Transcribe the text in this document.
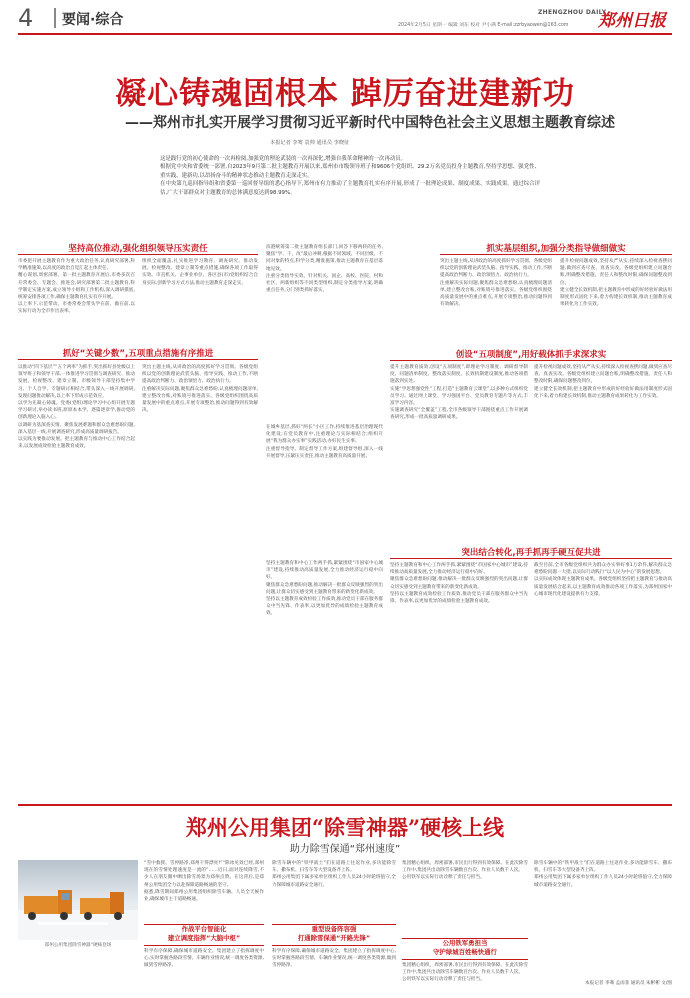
4 要闻·综合	2024年2月5日 星期一 编辑 刘东 校对 尹小满 E-mail:zzrbyaowen@163.com
ZHENGZHOU DAILY
郑州日报
凝心铸魂固根本 踔厉奋进建新功
——郑州市扎实开展学习贯彻习近平新时代中国特色社会主义思想主题教育综述
本报记者 李骞 袁帅 通讯员 李晓征
这是践行党的初心使命的一次再检阅,加强党的理论武装的一次再深化,增强自我革命精神的一次再动员。
根据党中央和省委统一部署,自2023年9月第二批主题教育开展以来,郑州市市级领导班子和9606个党组织、29.2万名党员投身主题教育,坚持学思想、强党性、重实践、建新功,以昂扬奋斗的精神状态推动主题教育走深走实。
在中央第九巡回指导组和省委第一巡回督导组的悉心指导下,郑州市有力推动了主题教育扎实有序开展,形成了一批理论成果、制度成果、实践成果。通过综合评估,广大干部群众对主题教育的总体满意度达到98.99%。
坚持高位推动,强化组织领导压实责任	抓实基层组织,加强分类指导做细做实
市委把开展主题教育作为重大政治任务,认真研究部署,科学精准施策,以高度的政治自觉汇起主体责任。
精心谋划,周密部署。第一批主题教育开展后,市委多次召开常委会、专题会、推进会,研究部署第二批主题教育,科学制定实施方案,成立领导小组和工作机构,深入调研摸底,统筹安排各项工作,确保主题教育扎实有序开展。
以上率下,示范带动。市委常委会带头学在前、做在前,以实际行动为全市作出表率。
组织全面覆盖,扎实推进学习教育、调查研究、推动发展、检视整改、建章立制等重点措施,确保各项工作取得实效。市直机关、企事业单位、各区县(市)党组织结合自身实际,创新学习方式方法,推动主题教育走深走实。
滨港统筹第二批主题教育组长部门,回答下移两转的任务,聚焦“学、干、改”最后冲刺,根据不同领域、不同层级、不同对象的特点,科学分类,精准施策,推动主题教育在基层落地见效。
注重分类指导实效。针对机关、国企、高校、医院、村和社区、两新组织等不同类型组织,制定分类指导方案,明确重点任务,分门别类抓好落实。
突出主题主线,从讲政治的高度抓好学习贯彻。各级党组织以党的创新理论武装头脑、指导实践、推动工作,不断提高政治判断力、政治领悟力、政治执行力。
注重解决实际问题,聚焦群众急难愁盼,认真梳理问题清单,建立整改台账,对账销号推进落实。各级党组织围绕高质量发展中的重点难点,开展专项整治,推动问题得到有效解决。
提升检视问题成效,坚持从严从实,持续深入检视查摆问题,做到应查尽查、真查实改。各级党组织建立问题台账,明确整改措施、责任人和整改时限,确保问题整改到位。
建立健全长效机制,把主题教育中形成的好经验好做法用制度形式固化下来,着力构建长效机制,推动主题教育成果转化为工作实效。
抓好“关键少数”,五项重点措施有序推进
以推动“四下基层”“五个两率”为抓手,突出抓好县处级以上领导班子和领导干部,一体推进学习贯彻与调查研究、推动发展、检视整改、建章立制。市级领导干部坚持集中学习、个人自学、专题研讨相结合,带头深入一线开展调研,发现问题推动解决,以上率下形成示范效应。
以学为先凝心铸魂。党委(党组)理论学习中心组开展专题学习研讨,举办读书班,原原本本学、逐篇逐章学,推动党的创新理论入脑入心。
以调研为基深查实情。聚焦发展难题和群众急难愁盼问题,深入基层一线,开展调查研究,形成高质量调研报告。
以实践为要推动发展。把主题教育与推动中心工作结合起来,以发展成效检验主题教育成效。
突出主题主线,从讲政治的高度抓好学习贯彻。各级党组织以党的创新理论武装头脑、指导实践、推动工作,不断提高政治判断力、政治领悟力、政治执行力。
注重解决实际问题,聚焦群众急难愁盼,认真梳理问题清单,建立整改台账,对账销号推进落实。各级党组织围绕高质量发展中的重点难点,开展专项整治,推动问题得到有效解决。
在城乡基层,抓好“两长”小区工作,持续推进基层治理现代化建设;在党员教育中,注重理论与实际相结合;组织开展“我为群众办实事”实践活动,办好民生实事。
注重督导指导。制定督导工作方案,组建督导组,深入一线开展督导,压紧压实责任,推动主题教育高质量开展。
创设“五项制度”,用好载体抓手求深求实
提升主题教育质效,创设“五项制度”,即理论学习制度、调研督导制度、问题清单制度、整改落实制度、长效机制建设制度,推动各项措施落到实处。
实施“学思想强党性”工程,打造“主题教育云课堂”,以多种方式组织党员学习。通过网上课堂、学习强国平台、党员教育专题片等方式,丰富学习内容。
实施调查研究“全覆盖”工程,全市各级领导干部围绕重点工作开展调查研究,形成一批高质量调研成果。
提升检视问题成效,坚持从严从实,持续深入检视查摆问题,做到应查尽查、真查实改。各级党组织建立问题台账,明确整改措施、责任人和整改时限,确保问题整改到位。
建立健全长效机制,把主题教育中形成的好经验好做法用制度形式固化下来,着力构建长效机制,推动主题教育成果转化为工作实效。
突出结合转化,再手抓再手硬互促共进
坚持主题教育和中心工作两手抓,紧紧围绕“市国家中心城市”建设,持续推动高质量发展,全力推动经济运行稳中向好。
聚焦群众急难愁盼问题,推动解决一批群众反映强烈的突出问题,让群众切实感受到主题教育带来的新变化新成效。
坚持以主题教育成效检验工作质效,推动党员干部在服务群众中当先锋、作表率,以更加优异的成绩检验主题教育成效。
坚持主题教育和中心工作两手抓,紧紧围绕“市国家中心城市”建设,持续推动高质量发展,全力推动经济运行稳中向好。
聚焦群众急难愁盼问题,推动解决一批群众反映强烈的突出问题,让群众切实感受到主题教育带来的新变化新成效。
坚持以主题教育成效检验工作质效,推动党员干部在服务群众中当先锋、作表率,以更加优异的成绩检验主题教育成效。
截至目前,全市各级党组织共为群众办实事好事1万余件,解决群众急难愁盼问题一大批,以实际行动践行“以人民为中心”的发展思想。
以实际成效体现主题教育成果。各级党组织坚持把主题教育与推动高质量发展结合起来,以主题教育成效推动各项工作落实,为郑州国家中心城市现代化建设提供有力支撑。
郑州公用集团“除雪神器”硬核上线
助力除雪保通“郑州速度”
郑州公用集团除雪神器“硬核登场
“雪中救援、雪停路净,郑州干得漂亮!”“除冰见效已经,郑州现在的雪情处理速度是一流的”……近日,面对连续降雪,不少人在朋友圈中晒出除雪场景为郑州点赞。在这背后,是郑州公用集团全力以赴保障道路畅通的坚守。
据悉,降雪期间郑州公用集团组织除雪车辆、人员全天候作业,确保城市主干道路畅通。
作战平台智能化
建立调度指挥“大脑中枢”
科学有序保障,确保城市道路安全。集团建立了指挥调度中心,实时掌握各路段雪情、车辆作业情况,统一调度各类资源,做到雪停路净。
除雪车辆中的“铁甲战士”们在道路上往返作业,多功能除雪车、撒布机、扫雪车等大型设备齐上阵。
郑州公用集团下属多家单位组织工作人员24小时轮班值守,全力保障城市道路安全通行。
重型设备阵容强
打通除雪保通“开路先锋”
科学有序保障,确保城市道路安全。集团建立了指挥调度中心,实时掌握各路段雪情、车辆作业情况,统一调度各类资源,做到雪停路净。
集团精心组织、周密部署,市民出行得到有效保障。在此次除雪工作中,集团共出动除雪车辆数百台次、作业人员数千人次。
公用铁军以实际行动诠释了责任与担当。
公用铁军勇担当
守护绿城百姓畅快通行
集团精心组织、周密部署,市民出行得到有效保障。在此次除雪工作中,集团共出动除雪车辆数百台次、作业人员数千人次。
公用铁军以实际行动诠释了责任与担当。
除雪车辆中的“铁甲战士”们在道路上往返作业,多功能除雪车、撒布机、扫雪车等大型设备齐上阵。
郑州公用集团下属多家单位组织工作人员24小时轮班值守,全力保障城市道路安全通行。
本报记者 李骞 孟雨菲 通讯员 朱彬彬 文/图
